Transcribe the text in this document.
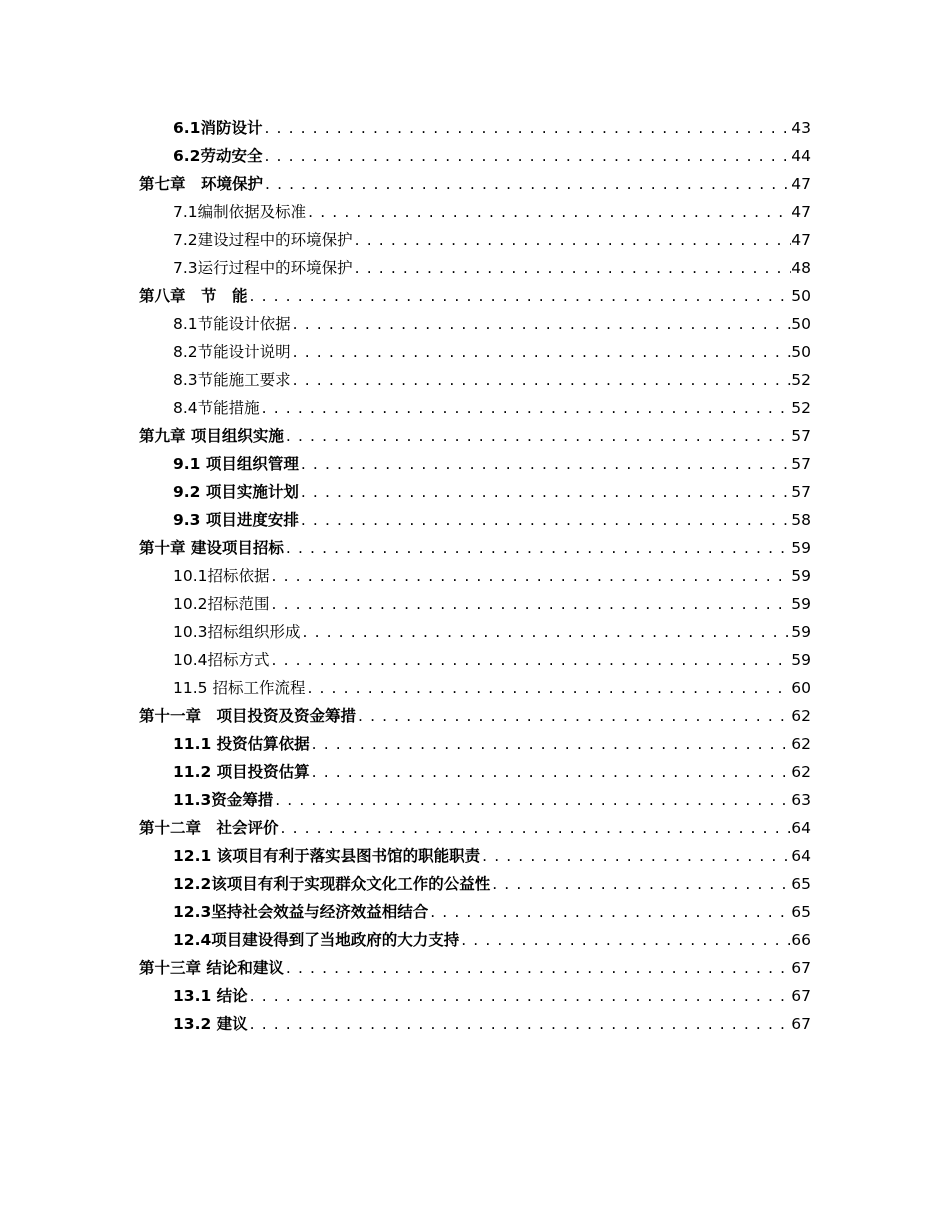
6.1消防设计 . . .	43
6.2劳动安全 . . .	44
第七章　环境保护 . . .	47
7.1编制依据及标准 . . .	47
7.2建设过程中的环境保护 . . .	47
7.3运行过程中的环境保护 . . .	48
第八章　节　能 . . .	50
8.1节能设计依据 . . .	50
8.2节能设计说明 . . .	50
8.3节能施工要求 . . .	52
8.4节能措施 . . .	52
第九章 项目组织实施 . . .	57
9.1 项目组织管理 . . .	57
9.2 项目实施计划 . . .	57
9.3 项目进度安排 . . .	58
第十章 建设项目招标 . . .	59
10.1招标依据 . . .	59
10.2招标范围 . . .	59
10.3招标组织形成 . . .	59
10.4招标方式 . . .	59
11.5 招标工作流程 . . .	60
第十一章　项目投资及资金筹措 . . .	62
11.1 投资估算依据 . . .	62
11.2 项目投资估算 . . .	62
11.3资金筹措 . . .	63
第十二章　社会评价 . . .	64
12.1 该项目有利于落实县图书馆的职能职责 . . .	64
12.2该项目有利于实现群众文化工作的公益性 . . .	65
12.3坚持社会效益与经济效益相结合 . . .	65
12.4项目建设得到了当地政府的大力支持 . . .	66
第十三章 结论和建议 . . .	67
13.1 结论 . . .	67
13.2 建议 . . .	67
